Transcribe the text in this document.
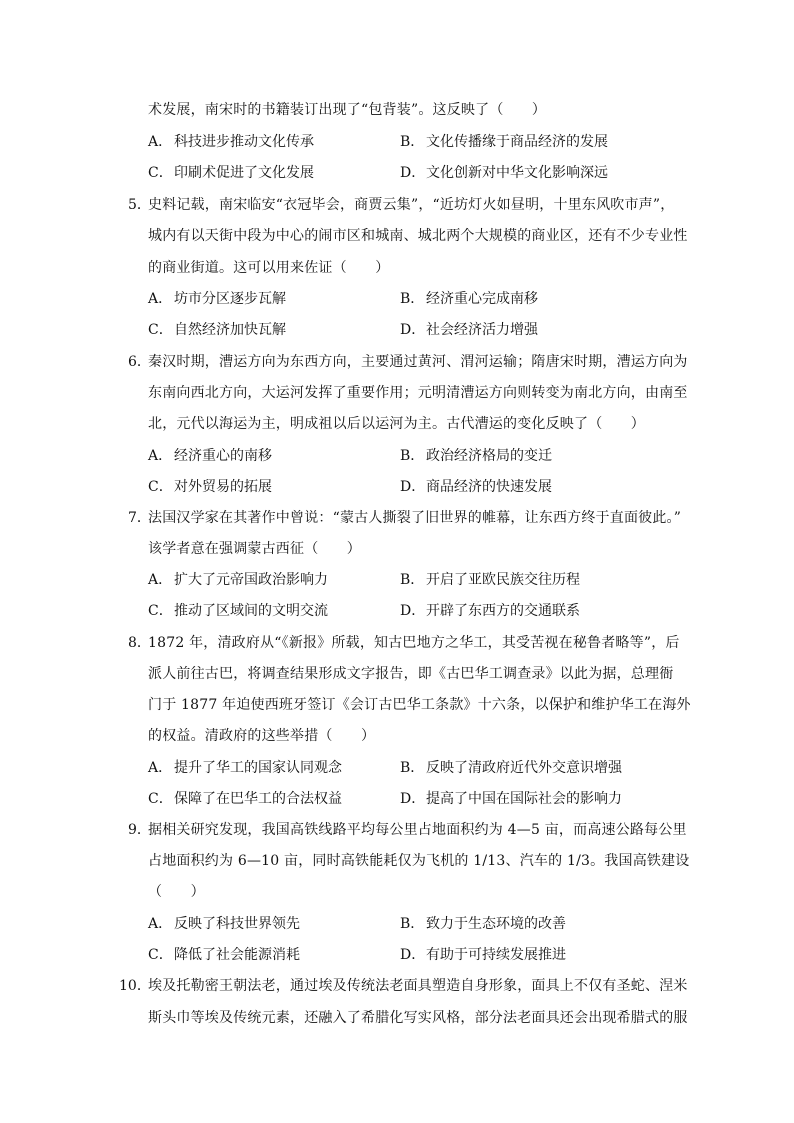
术发展，南宋时的书籍装订出现了“包背装”。这反映了（　　）
A． 科技进步推动文化传承	B． 文化传播缘于商品经济的发展
C．印刷术促进了文化发展	D．文化创新对中华文化影响深远
5．
史料记载，南宋临安“衣冠毕会，商贾云集”，“近坊灯火如昼明，十里东风吹市声”，
城内有以天街中段为中心的闹市区和城南、城北两个大规模的商业区，还有不少专业性
的商业街道。这可以用来佐证（　　）
A． 坊市分区逐步瓦解	B． 经济重心完成南移
C．自然经济加快瓦解	D．社会经济活力增强
6．
秦汉时期，漕运方向为东西方向，主要通过黄河、渭河运输；隋唐宋时期，漕运方向为
东南向西北方向，大运河发挥了重要作用；元明清漕运方向则转变为南北方向，由南至
北，元代以海运为主，明成祖以后以运河为主。古代漕运的变化反映了（　　）
A． 经济重心的南移	B． 政治经济格局的变迁
C．对外贸易的拓展	D．商品经济的快速发展
7．
法国汉学家在其著作中曾说：“蒙古人撕裂了旧世界的帷幕，让东西方终于直面彼此。”
该学者意在强调蒙古西征（　　）
A． 扩大了元帝国政治影响力	B． 开启了亚欧民族交往历程
C．推动了区域间的文明交流	D．开辟了东西方的交通联系
8．
1872 年，清政府从“《新报》所载，知古巴地方之华工，其受苦视在秘鲁者略等”，后
派人前往古巴，将调查结果形成文字报告，即《古巴华工调查录》以此为据，总理衙
门于 1877 年迫使西班牙签订《会订古巴华工条款》十六条，以保护和维护华工在海外
的权益。清政府的这些举措（　　）
A． 提升了华工的国家认同观念	B． 反映了清政府近代外交意识增强
C．保障了在巴华工的合法权益	D．提高了中国在国际社会的影响力
9．
据相关研究发现，我国高铁线路平均每公里占地面积约为 4—5 亩，而高速公路每公里
占地面积约为 6—10 亩，同时高铁能耗仅为飞机的 1/13、汽车的 1/3。我国高铁建设
（　　）
A． 反映了科技世界领先	B． 致力于生态环境的改善
C．降低了社会能源消耗	D．有助于可持续发展推进
10．
埃及托勒密王朝法老，通过埃及传统法老面具塑造自身形象，面具上不仅有圣蛇、涅米
斯头巾等埃及传统元素，还融入了希腊化写实风格，部分法老面具还会出现希腊式的服
